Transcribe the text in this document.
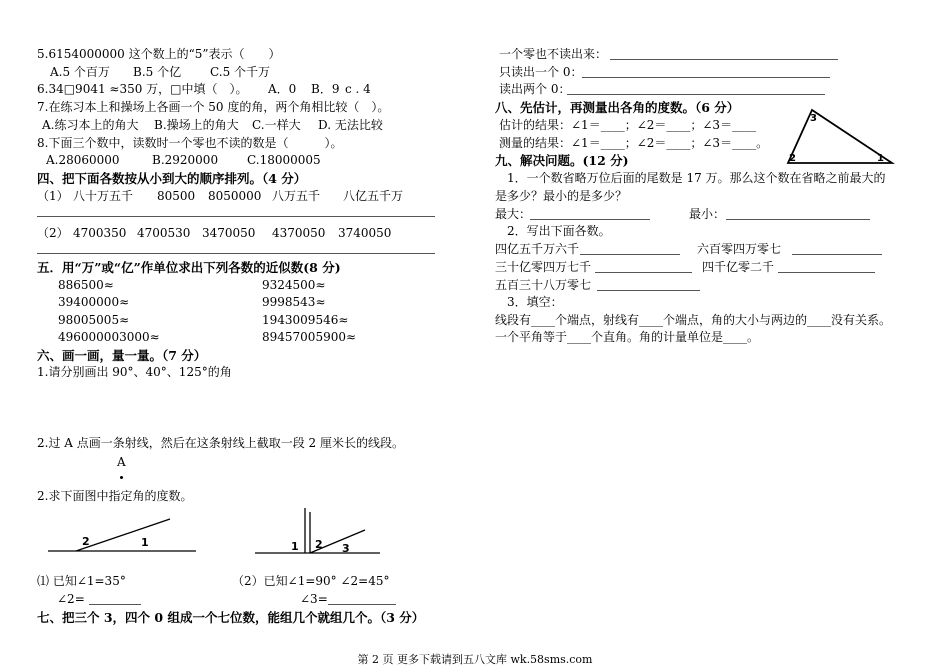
5.6154000000 这个数上的“5”表示（　　）
A.5 个百万 B.5 个亿 C.5 个千万
6.34□9041 ≈350 万，□中填（　）。 A．0 B．9 c . 4
7.在练习本上和操场上各画一个 50 度的角，两个角相比较（　）。
A.练习本上的角大 B.操场上的角大 C.一样大 D. 无法比较
8.下面三个数中，读数时一个零也不读的数是（　　　）。
A.28060000	B.2920000 C.18000005
四、把下面各数按从小到大的顺序排列。（4 分）
（1） 八十万五千 80500 8050000 八万五千 八亿五千万
（2） 4700350 4700530 3470050 4370050 3740050
五．用“万”或“亿”作单位求出下列各数的近似数(8 分)
886500≈	9324500≈
39400000≈	9998543≈
98005005≈	1943009546≈
496000003000≈	89457005900≈
六、画一画，量一量。（7 分）
1.请分别画出 90°、40°、125°的角
2.过 A 点画一条射线，然后在这条射线上截取一段 2 厘米长的线段。
A
2.求下面图中指定角的度数。
2	1	1 2 3
⑴ 已知∠1=35°	（2）已知∠1=90° ∠2=45°
∠2=	∠3=
七、把三个 3，四个 0 组成一个七位数，能组几个就组几个。（3 分）
一个零也不读出来：
只读出一个 0：
读出两个 0：
八、先估计，再测量出各角的度数。（6 分）
估计的结果：∠1＝____；∠2＝____；∠3＝____
测量的结果：∠1＝____；∠2＝____；∠3＝____。
3
2	1
九、解决问题。(12 分)
1．一个数省略万位后面的尾数是 17 万。那么这个数在省略之前最大的
是多少？最小的是多少？
最大：	最小：
2．写出下面各数。
四亿五千万六千	六百零四万零七
三十亿零四万七千	四千亿零二千
五百三十八万零七
3．填空：
线段有____个端点，射线有____个端点，角的大小与两边的____没有关系。
一个平角等于____个直角。角的计量单位是____。
第 2 页 更多下载请到五八文库 wk.58sms.com
